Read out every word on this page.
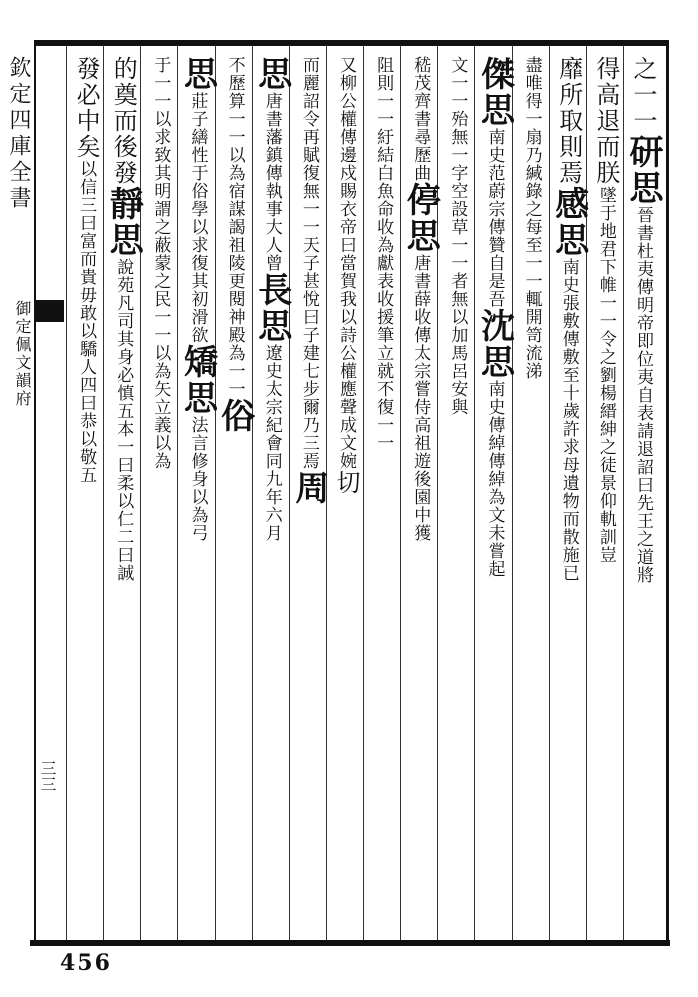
欽定四庫全書
御定佩文韻府
三三
456
之一一研思晉書杜夷傳明帝即位夷自表請退詔曰先王之道將
得高退而朕墜于地君下帷一一令之劉楊縉紳之徒景仰軌訓豈
靡所取則焉感思南史張敷傳敷至十歲許求母遺物而散施已
盡唯得一扇乃緘錄之每至一一輒開笥流涕
傑思南史范蔚宗傳贊自是吾沈思南史傳綽傳綽為文未嘗起
文一一殆無一字空設草一一者無以加馬呂安與
嵇茂齊書尋歷曲停思唐書薛收傳太宗嘗侍高祖遊後園中獲
阻則一一紆結白魚命收為獻表收援筆立就不復一一
又柳公權傳邊戍賜衣帝曰當賀我以詩公權應聲成文婉切
而麗詔令再賦復無一一天子甚悅曰子建七步爾乃三焉周
思唐書藩鎮傳執事大人曾長思遼史太宗紀會同九年六月
不歷算一一以為宿謀謁祖陵更閱神殿為一一俗
思莊子繕性于俗學以求復其初滑欲矯思法言修身以為弓
于一一以求致其明謂之蔽蒙之民一一以為矢立義以為
的奠而後發靜思說苑凡司其身必慎五本一曰柔以仁二曰誠
發必中矣以信三曰富而貴毋敢以驕人四曰恭以敬五
